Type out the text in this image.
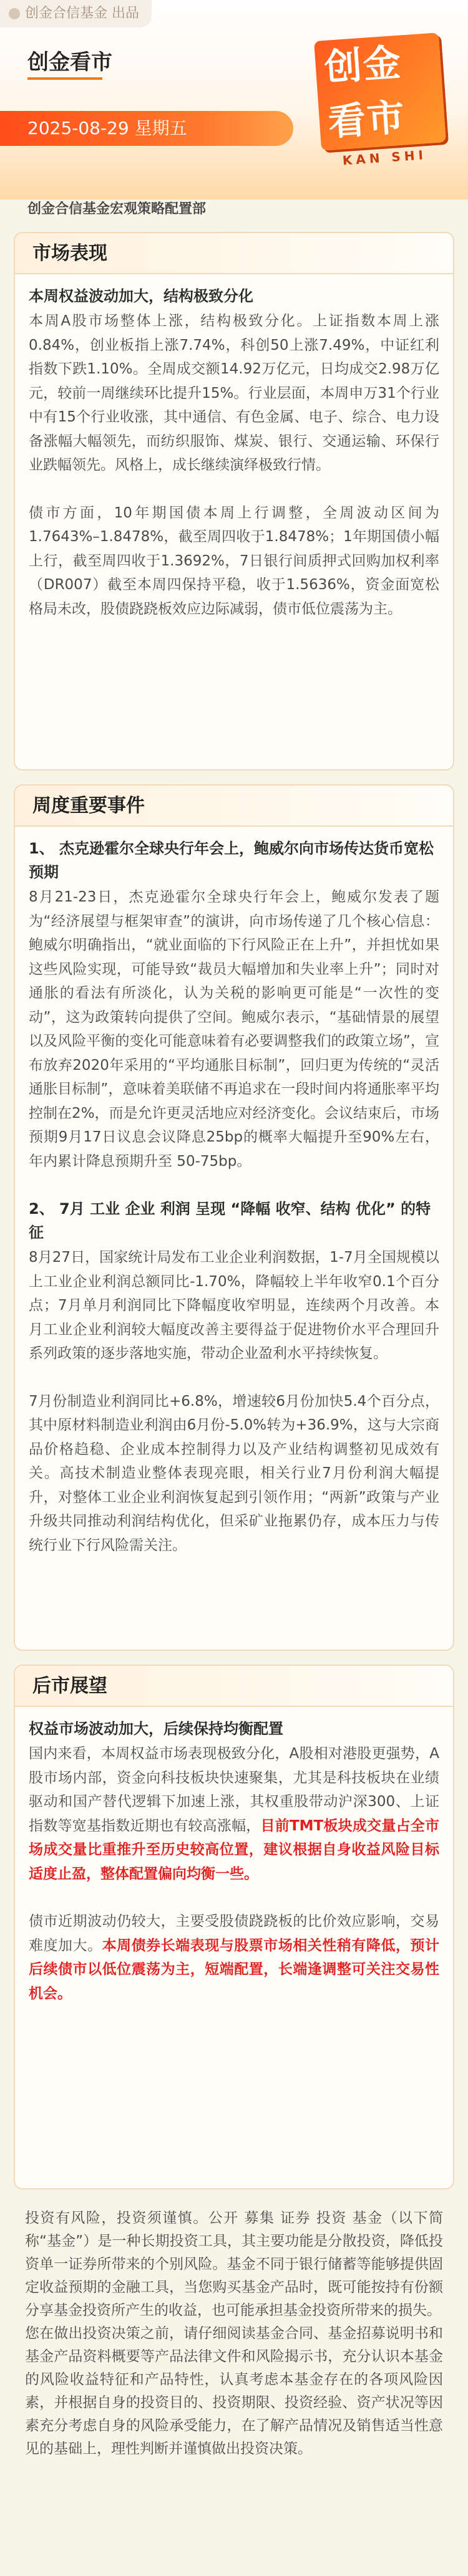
创金合信基金 出品
创金看市	创金看市
KAN SHI
2025-08-29 星期五
创金合信基金宏观策略配置部
市场表现
本周权益波动加大，结构极致分化
本周A股市场整体上涨，结构极致分化。上证指数本周上涨0.84%，创业板指上涨7.74%，科创50上涨7.49%，中证红利指数下跌1.10%。全周成交额14.92万亿元，日均成交2.98万亿元，较前一周继续环比提升15%。行业层面，本周申万31个行业中有15个行业收涨，其中通信、有色金属、电子、综合、电力设备涨幅大幅领先，而纺织服饰、煤炭、银行、交通运输、环保行业跌幅领先。风格上，成长继续演绎极致行情。
债市方面，10年期国债本周上行调整，全周波动区间为1.7643%–1.8478%，截至周四收于1.8478%；1年期国债小幅上行，截至周四收于1.3692%，7日银行间质押式回购加权利率（DR007）截至本周四保持平稳，收于1.5636%，资金面宽松格局未改，股债跷跷板效应边际减弱，债市低位震荡为主。
周度重要事件
1、 杰克逊霍尔全球央行年会上，鲍威尔向市场传达货币宽松预期
8月21-23日，杰克逊霍尔全球央行年会上，鲍威尔发表了题为“经济展望与框架审查”的演讲，向市场传递了几个核心信息：鲍威尔明确指出，“就业面临的下行风险正在上升”，并担忧如果这些风险实现，可能导致“裁员大幅增加和失业率上升”；同时对通胀的看法有所淡化，认为关税的影响更可能是“一次性的变动”，这为政策转向提供了空间。鲍威尔表示，“基础情景的展望以及风险平衡的变化可能意味着有必要调整我们的政策立场”，宣布放弃2020年采用的“平均通胀目标制”，回归更为传统的“灵活通胀目标制”，意味着美联储不再追求在一段时间内将通胀率平均控制在2%，而是允许更灵活地应对经济变化。会议结束后，市场预期9月17日议息会议降息25bp的概率大幅提升至90%左右，年内累计降息预期升至 50-75bp。
2、 7月 工业 企业 利润 呈现 “降幅 收窄、结构 优化” 的特征
8月27日，国家统计局发布工业企业利润数据，1-7月全国规模以上工业企业利润总额同比-1.70%，降幅较上半年收窄0.1个百分点；7月单月利润同比下降幅度收窄明显，连续两个月改善。本月工业企业利润较大幅度改善主要得益于促进物价水平合理回升系列政策的逐步落地实施，带动企业盈利水平持续恢复。
7月份制造业利润同比+6.8%，增速较6月份加快5.4个百分点，其中原材料制造业利润由6月份-5.0%转为+36.9%，这与大宗商品价格趋稳、企业成本控制得力以及产业结构调整初见成效有关。高技术制造业整体表现亮眼，相关行业7月份利润大幅提升，对整体工业企业利润恢复起到引领作用；“两新”政策与产业升级共同推动利润结构优化，但采矿业拖累仍存，成本压力与传统行业下行风险需关注。
后市展望
权益市场波动加大，后续保持均衡配置
国内来看，本周权益市场表现极致分化，A股相对港股更强势，A股市场内部，资金向科技板块快速聚集，尤其是科技板块在业绩驱动和国产替代逻辑下加速上涨，其权重股带动沪深300、上证指数等宽基指数近期也有较高涨幅，目前TMT板块成交量占全市场成交量比重推升至历史较高位置，建议根据自身收益风险目标适度止盈，整体配置偏向均衡一些。
债市近期波动仍较大，主要受股债跷跷板的比价效应影响，交易难度加大。本周债券长端表现与股票市场相关性稍有降低，预计后续债市以低位震荡为主，短端配置，长端逢调整可关注交易性机会。

投资有风险，投资须谨慎。公开 募集 证券 投资 基金（以下简称“基金”）是一种长期投资工具，其主要功能是分散投资，降低投资单一证券所带来的个别风险。基金不同于银行储蓄等能够提供固定收益预期的金融工具，当您购买基金产品时，既可能按持有份额分享基金投资所产生的收益，也可能承担基金投资所带来的损失。

您在做出投资决策之前，请仔细阅读基金合同、基金招募说明书和基金产品资料概要等产品法律文件和风险揭示书，充分认识本基金的风险收益特征和产品特性，认真考虑本基金存在的各项风险因素，并根据自身的投资目的、投资期限、投资经验、资产状况等因素充分考虑自身的风险承受能力，在了解产品情况及销售适当性意见的基础上，理性判断并谨慎做出投资决策。
